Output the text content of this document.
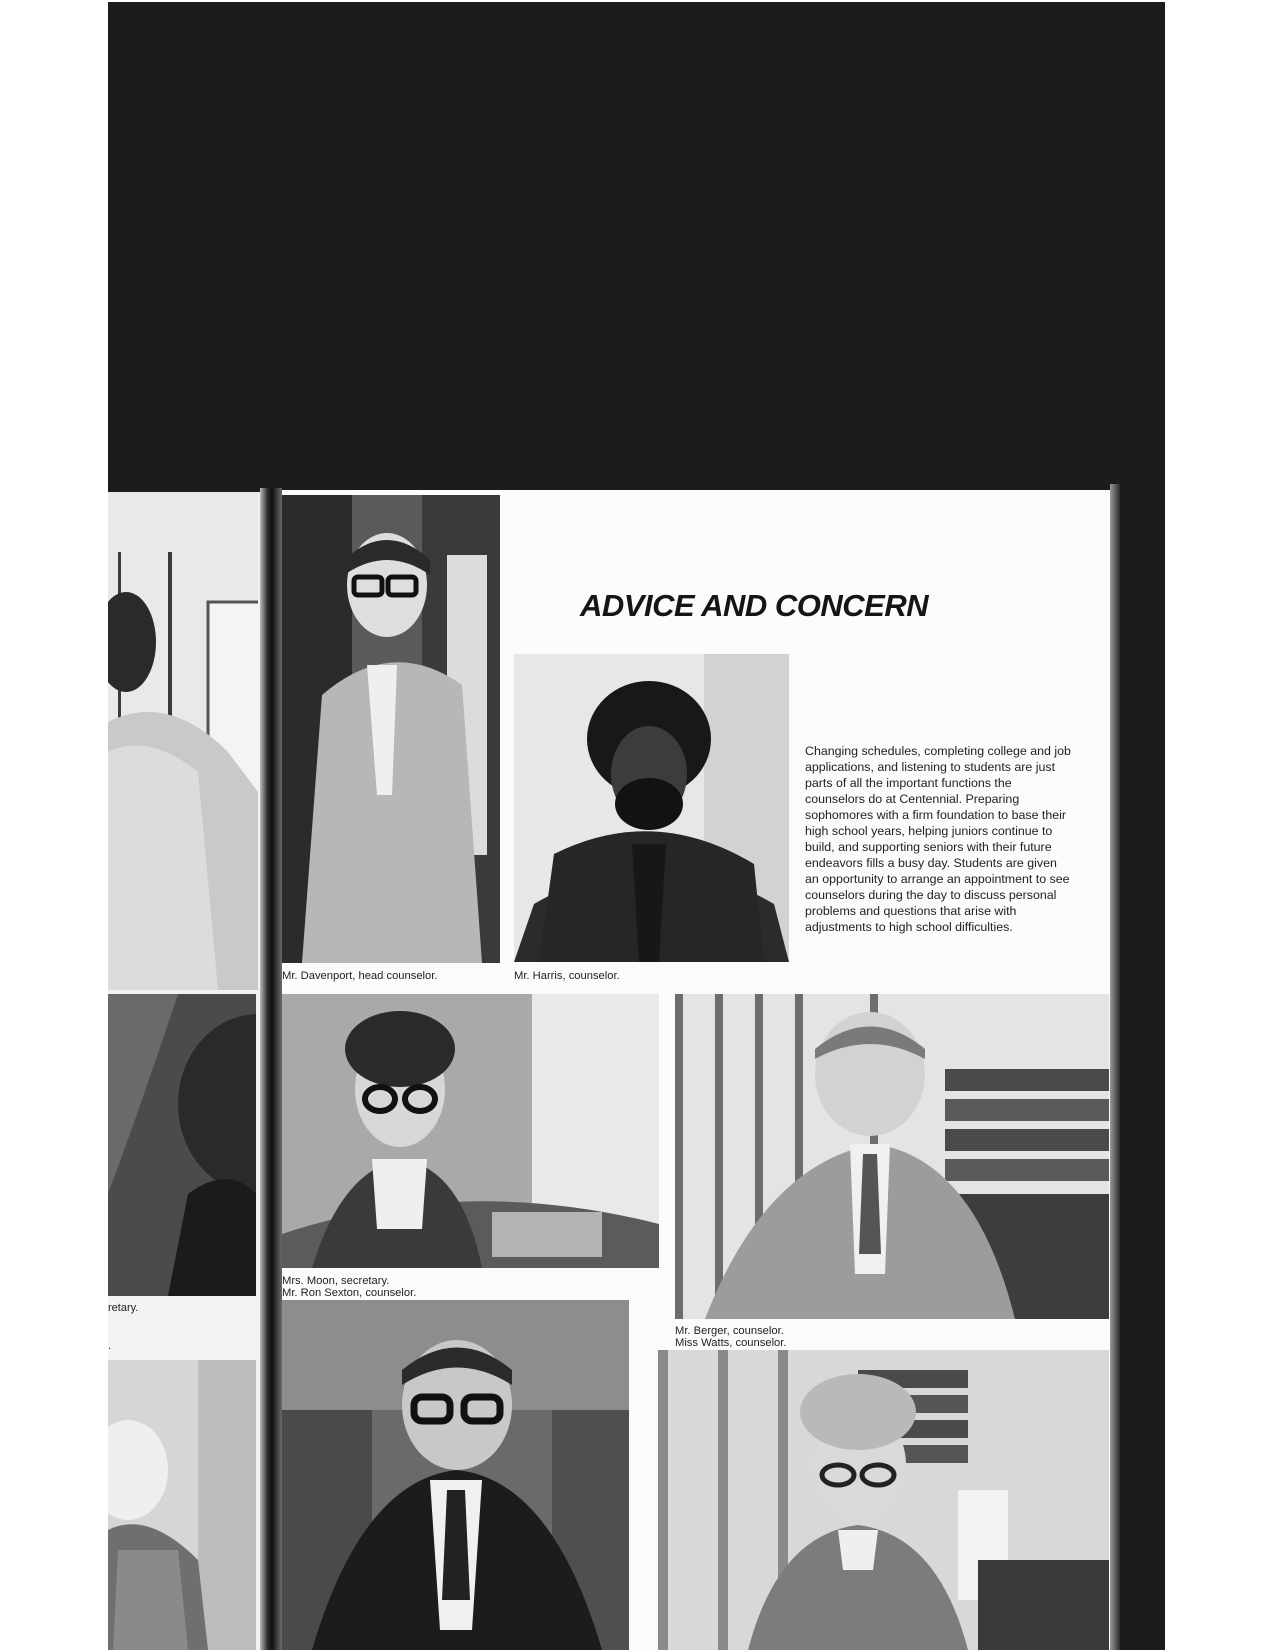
retary.

.

Mr. Davenport, head counselor.

ADVICE AND CONCERN

Mr. Harris, counselor.

Changing schedules, completing college and job applications, and listening to students are just parts of all the important functions the counselors do at Centennial. Preparing sophomores with a firm foundation to base their high school years, helping juniors continue to build, and supporting seniors with their future endeavors fills a busy day. Students are given an opportunity to arrange an appointment to see counselors during the day to discuss personal problems and questions that arise with adjustments to high school difficulties.

Mrs. Moon, secretary.

Mr. Ron Sexton, counselor.

Mr. Berger, counselor.

Miss Watts, counselor.
